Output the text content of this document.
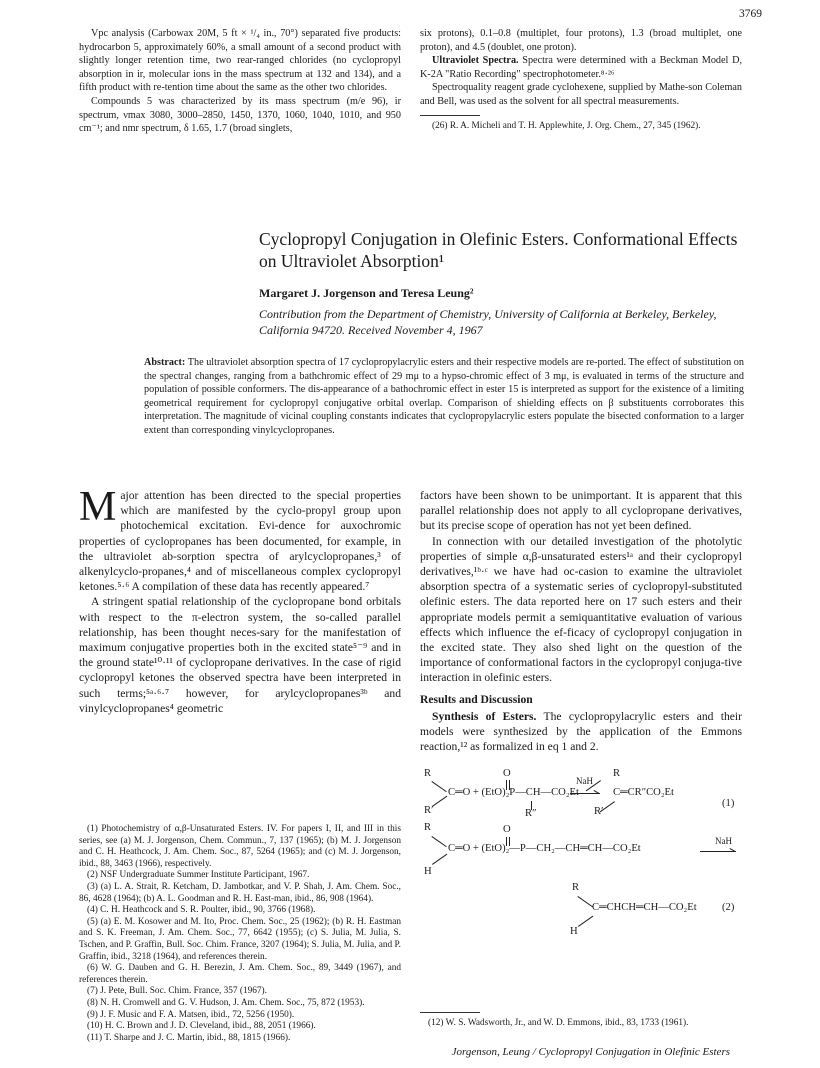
3769

Vpc analysis (Carbowax 20M, 5 ft × ¹/₄ in., 70°) separated five products: hydrocarbon 5, approximately 60%, a small amount of a second product with slightly longer retention time, two rear-ranged chlorides (no cyclopropyl absorption in ir, molecular ions in the mass spectrum at 132 and 134), and a fifth product with re-tention time about the same as the other two chlorides.

Compounds 5 was characterized by its mass spectrum (m/e 96), ir spectrum, νmax 3080, 3000–2850, 1450, 1370, 1060, 1040, 1010, and 950 cm⁻¹; and nmr spectrum, δ 1.65, 1.7 (broad singlets,

six protons), 0.1–0.8 (multiplet, four protons), 1.3 (broad multiplet, one proton), and 4.5 (doublet, one proton).

Ultraviolet Spectra. Spectra were determined with a Beckman Model D, K-2A "Ratio Recording" spectrophotometer.⁸·²⁶

Spectroquality reagent grade cyclohexene, supplied by Mathe-son Coleman and Bell, was used as the solvent for all spectral measurements.

(26) R. A. Micheli and T. H. Applewhite, J. Org. Chem., 27, 345 (1962).

Cyclopropyl Conjugation in Olefinic Esters. Conformational Effects on Ultraviolet Absorption¹
Margaret J. Jorgenson and Teresa Leung²
Contribution from the Department of Chemistry, University of California at Berkeley, Berkeley, California 94720. Received November 4, 1967
Abstract: The ultraviolet absorption spectra of 17 cyclopropylacrylic esters and their respective models are re-ported. The effect of substitution on the spectral changes, ranging from a bathchromic effect of 29 mμ to a hypso-chromic effect of 3 mμ, is evaluated in terms of the structure and population of possible conformers. The dis-appearance of a bathochromic effect in ester 15 is interpreted as support for the existence of a limiting geometrical requirement for cyclopropyl conjugative orbital overlap. Comparison of shielding effects on β substituents corroborates this interpretation. The magnitude of vicinal coupling constants indicates that cyclopropylacrylic esters populate the bisected conformation to a larger extent than corresponding vinylcyclopropanes.

Major attention has been directed to the special properties which are manifested by the cyclo-propyl group upon photochemical excitation. Evi-dence for auxochromic properties of cyclopropanes has been documented, for example, in the ultraviolet ab-sorption spectra of arylcyclopropanes,³ of alkenylcyclo-propanes,⁴ and of miscellaneous complex cyclopropyl ketones.⁵·⁶ A compilation of these data has recently appeared.⁷

A stringent spatial relationship of the cyclopropane bond orbitals with respect to the π-electron system, the so-called parallel relationship, has been thought neces-sary for the manifestation of maximum conjugative properties both in the excited state⁵⁻⁹ and in the ground state¹⁰·¹¹ of cyclopropane derivatives. In the case of rigid cyclopropyl ketones the observed spectra have been interpreted in such terms;⁵ᵃ·⁶·⁷ however, for arylcyclopropanes³ᵇ and vinylcyclopropanes⁴ geometric

factors have been shown to be unimportant. It is apparent that this parallel relationship does not apply to all cyclopropane derivatives, but its precise scope of operation has not yet been defined.

In connection with our detailed investigation of the photolytic properties of simple α,β-unsaturated esters¹ᵃ and their cyclopropyl derivatives,¹ᵇ·ᶜ we have had oc-casion to examine the ultraviolet absorption spectra of a systematic series of cyclopropyl-substituted olefinic esters. The data reported here on 17 such esters and their appropriate models permit a semiquantitative evaluation of various effects which influence the ef-ficacy of cyclopropyl conjugation in the excited state. They also shed light on the question of the importance of conformational factors in the cyclopropyl conjuga-tive interaction in olefinic esters.

Results and Discussion

Synthesis of Esters. The cyclopropylacrylic esters and their models were synthesized by the application of the Emmons reaction,¹² as formalized in eq 1 and 2.

R	O	R
C═O + (EtO)₂P—CH—CO₂Et
R′	R″
NaH
C═CR″CO₂Et
(1)
R′
R	O
C═O + (EtO)₂—P—CH₂—CH═CH—CO₂Et
NaH
H
R
C═CHCH═CH—CO₂Et (2)
H

(1) Photochemistry of α,β-Unsaturated Esters. IV. For papers I, II, and III in this series, see (a) M. J. Jorgenson, Chem. Commun., 7, 137 (1965); (b) M. J. Jorgenson and C. H. Heathcock, J. Am. Chem. Soc., 87, 5264 (1965); and (c) M. J. Jorgenson, ibid., 88, 3463 (1966), respectively.

(2) NSF Undergraduate Summer Institute Participant, 1967.

(3) (a) L. A. Strait, R. Ketcham, D. Jambotkar, and V. P. Shah, J. Am. Chem. Soc., 86, 4628 (1964); (b) A. L. Goodman and R. H. East-man, ibid., 86, 908 (1964).

(4) C. H. Heathcock and S. R. Poulter, ibid., 90, 3766 (1968).

(5) (a) E. M. Kosower and M. Ito, Proc. Chem. Soc., 25 (1962); (b) R. H. Eastman and S. K. Freeman, J. Am. Chem. Soc., 77, 6642 (1955); (c) S. Julia, M. Julia, S. Tschen, and P. Graffin, Bull. Soc. Chim. France, 3207 (1964); S. Julia, M. Julia, and P. Graffin, ibid., 3218 (1964), and references therein.

(6) W. G. Dauben and G. H. Berezin, J. Am. Chem. Soc., 89, 3449 (1967), and references therein.

(7) J. Pete, Bull. Soc. Chim. France, 357 (1967).

(8) N. H. Cromwell and G. V. Hudson, J. Am. Chem. Soc., 75, 872 (1953).

(9) J. F. Music and F. A. Matsen, ibid., 72, 5256 (1950).

(10) H. C. Brown and J. D. Cleveland, ibid., 88, 2051 (1966).

(11) T. Sharpe and J. C. Martin, ibid., 88, 1815 (1966).

(12) W. S. Wadsworth, Jr., and W. D. Emmons, ibid., 83, 1733 (1961).

Jorgenson, Leung / Cyclopropyl Conjugation in Olefinic Esters
